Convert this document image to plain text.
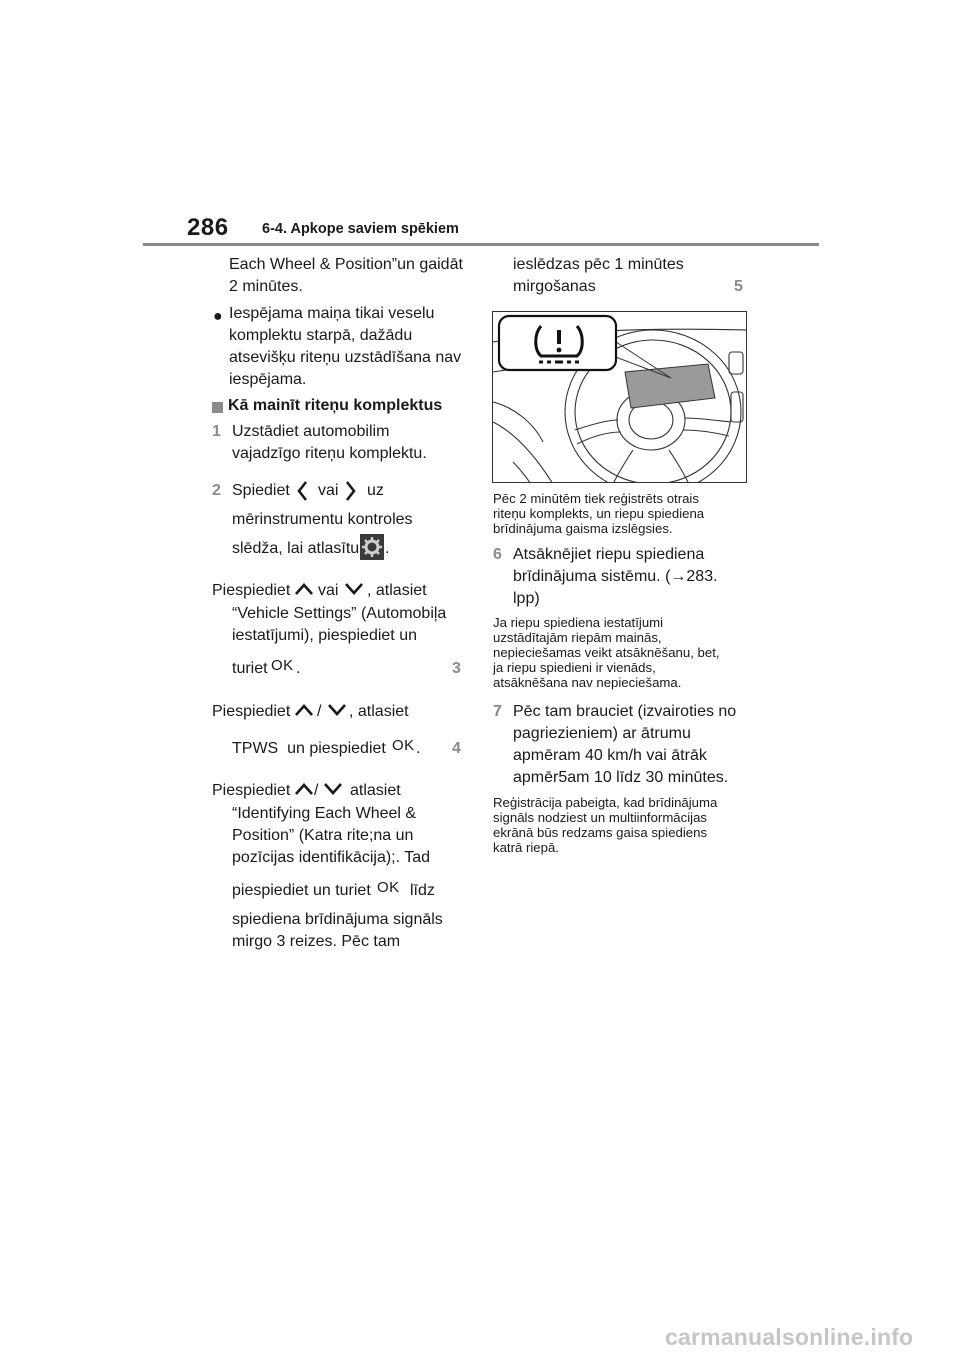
286 6-4. Apkope saviem spēkiem
Each Wheel & Position”un gaidāt
2 minūtes.
● Iespējama maiņa tikai veselu
komplektu starpā, dažādu
atsevišķu riteņu uzstādīšana nav
iespējama.
Kā mainīt riteņu komplektus
1 Uzstādiet automobilim
vajadzīgo riteņu komplektu.
2 Spiediet vai uz
mērinstrumentu kontroles
slēdža, lai atlasītu .
Piespiediet vai , atlasiet
“Vehicle Settings” (Automobiļa
iestatījumi), piespiediet un
turiet OK .	3
Piespiediet / , atlasiet
TPWS  un piespiediet OK . 4
Piespiediet / atlasiet
“Identifying Each Wheel &
Position” (Katra rite;na un
pozīcijas identifikācija);. Tad
piespiediet un turiet OK līdz
spiediena brīdinājuma signāls
mirgo 3 reizes. Pēc tam
ieslēdzas pēc 1 minūtes
mirgošanas	5
Pēc 2 minūtēm tiek reģistrēts otrais
riteņu komplekts, un riepu spiediena
brīdinājuma gaisma izslēgsies.
6 Atsāknējiet riepu spiediena
brīdinājuma sistēmu. (→283.
lpp)
Ja riepu spiediena iestatījumi
uzstādītajām riepām mainās,
nepieciešamas veikt atsāknēšanu, bet,
ja riepu spiedieni ir vienāds,
atsāknēšana nav nepieciešama.
7 Pēc tam brauciet (izvairoties no
pagriezieniem) ar ātrumu
apmēram 40 km/h vai ātrāk
apmēr5am 10 līdz 30 minūtes.
Reģistrācija pabeigta, kad brīdinājuma
signāls nodziest un multiinformācijas
ekrānā būs redzams gaisa spiediens
katrā riepā.
carmanualsonline.info
